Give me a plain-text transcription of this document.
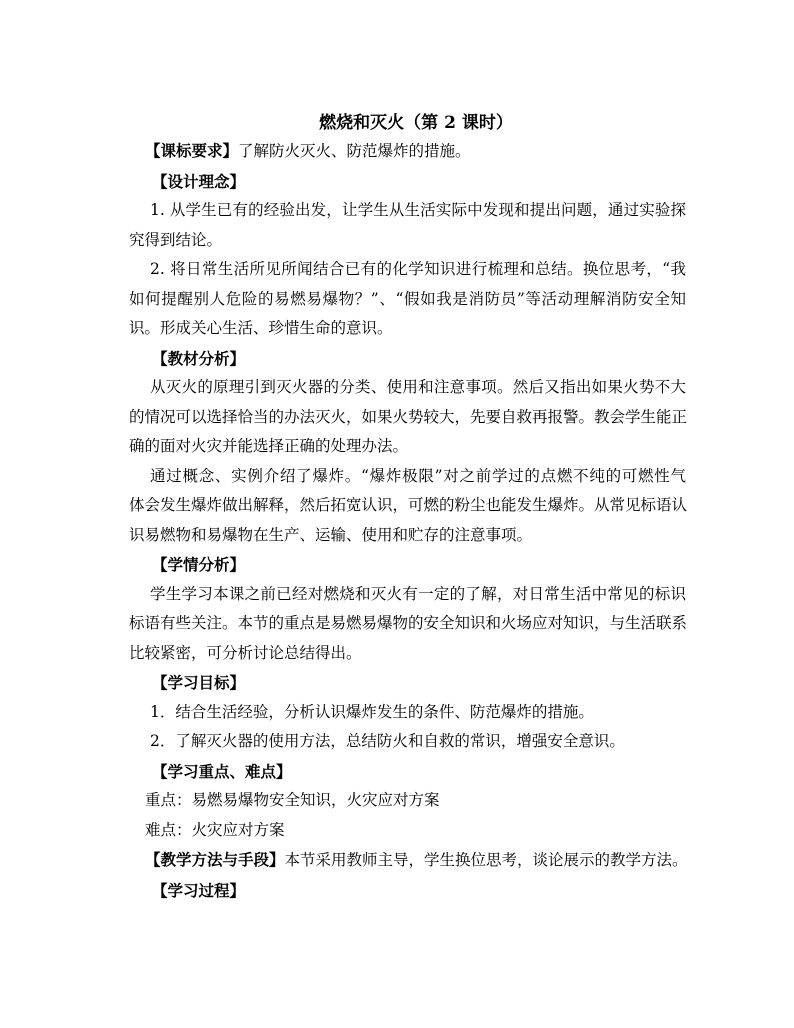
燃烧和灭火（第 2 课时）
【课标要求】了解防火灭火、防范爆炸的措施。
【设计理念】
1. 从学生已有的经验出发，让学生从生活实际中发现和提出问题，通过实验探
究得到结论。
2. 将日常生活所见所闻结合已有的化学知识进行梳理和总结。换位思考，“我
如何提醒别人危险的易燃易爆物？”、“假如我是消防员”等活动理解消防安全知
识。形成关心生活、珍惜生命的意识。
【教材分析】
从灭火的原理引到灭火器的分类、使用和注意事项。然后又指出如果火势不大
的情况可以选择恰当的办法灭火，如果火势较大，先要自救再报警。教会学生能正
确的面对火灾并能选择正确的处理办法。
通过概念、实例介绍了爆炸。“爆炸极限”对之前学过的点燃不纯的可燃性气
体会发生爆炸做出解释，然后拓宽认识，可燃的粉尘也能发生爆炸。从常见标语认
识易燃物和易爆物在生产、运输、使用和贮存的注意事项。
【学情分析】
学生学习本课之前已经对燃烧和灭火有一定的了解，对日常生活中常见的标识
标语有些关注。本节的重点是易燃易爆物的安全知识和火场应对知识，与生活联系
比较紧密，可分析讨论总结得出。
【学习目标】
1．结合生活经验，分析认识爆炸发生的条件、防范爆炸的措施。
2．了解灭火器的使用方法，总结防火和自救的常识，增强安全意识。
【学习重点、难点】
重点：易燃易爆物安全知识，火灾应对方案
难点：火灾应对方案
【教学方法与手段】本节采用教师主导，学生换位思考，谈论展示的教学方法。
【学习过程】
